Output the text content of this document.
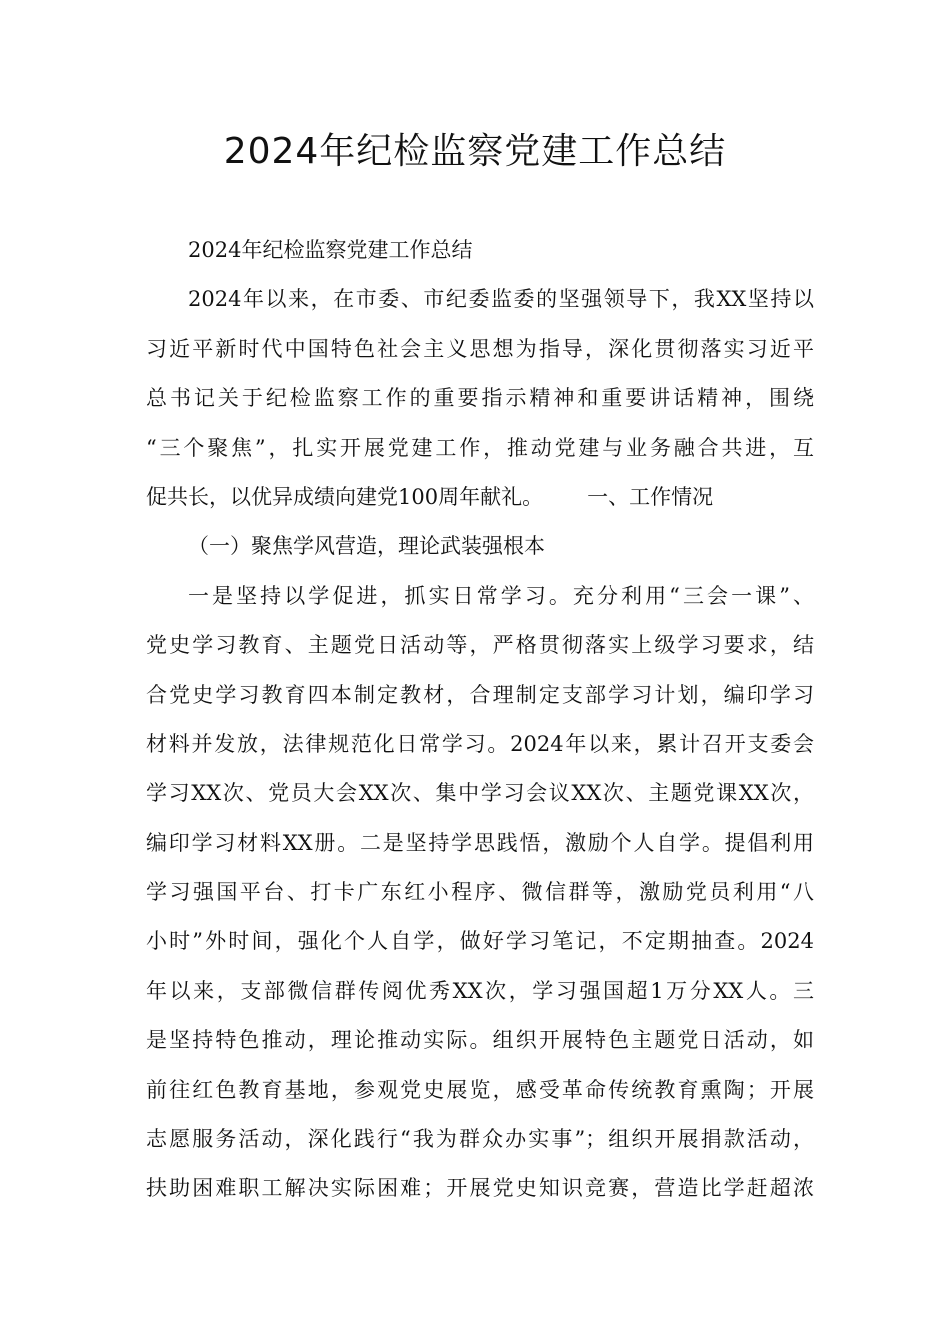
2024年纪检监察党建工作总结
2024年纪检监察党建工作总结
2024年以来，在市委、市纪委监委的坚强领导下，我XX坚持以
习近平新时代中国特色社会主义思想为指导，深化贯彻落实习近平
总书记关于纪检监察工作的重要指示精神和重要讲话精神，围绕
“三个聚焦”，扎实开展党建工作，推动党建与业务融合共进，互
促共长，以优异成绩向建党100周年献礼。 一、工作情况
（一）聚焦学风营造，理论武装强根本
一是坚持以学促进，抓实日常学习。充分利用“三会一课”、
党史学习教育、主题党日活动等，严格贯彻落实上级学习要求，结
合党史学习教育四本制定教材，合理制定支部学习计划，编印学习
材料并发放，法律规范化日常学习。2024年以来，累计召开支委会
学习XX次、党员大会XX次、集中学习会议XX次、主题党课XX次，
编印学习材料XX册。二是坚持学思践悟，激励个人自学。提倡利用
学习强国平台、打卡广东红小程序、微信群等，激励党员利用“八
小时”外时间，强化个人自学，做好学习笔记，不定期抽查。2024
年以来，支部微信群传阅优秀XX次，学习强国超1万分XX人。三
是坚持特色推动，理论推动实际。组织开展特色主题党日活动，如
前往红色教育基地，参观党史展览，感受革命传统教育熏陶；开展
志愿服务活动，深化践行“我为群众办实事”；组织开展捐款活动，
扶助困难职工解决实际困难；开展党史知识竞赛，营造比学赶超浓
